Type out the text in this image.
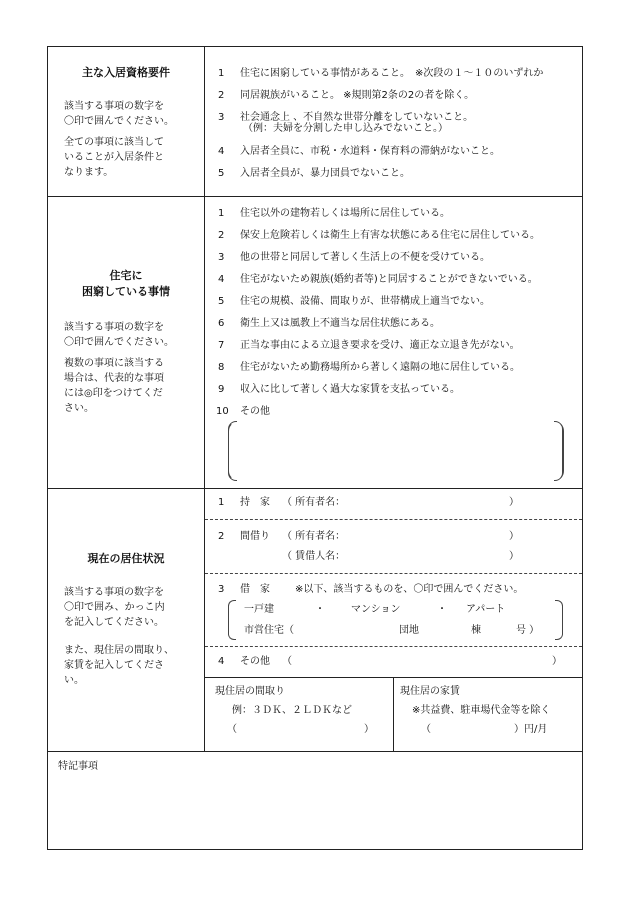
主な入居資格要件
該当する事項の数字を
〇印で囲んでください。
全ての事項に該当して
いることが入居条件と
なります。
1	住宅に困窮している事情があること。　※次段の１～１０のいずれか
2	同居親族がいること。 ※規則第2条の2の者を除く。
3	社会通念上 、不自然な世帯分離をしていないこと。
（例：夫婦を分割した申し込みでないこと。）
4	入居者全員に、市税・水道料・保育料の滞納がないこと。
5	入居者全員が、暴力団員でないこと。
住宅に
困窮している事情
該当する事項の数字を
〇印で囲んでください。
複数の事項に該当する
場合は、代表的な事項
には◎印をつけてくだ
さい。
1	住宅以外の建物若しくは場所に居住している。
2	保安上危険若しくは衛生上有害な状態にある住宅に居住している。
3	他の世帯と同居して著しく生活上の不便を受けている。
4	住宅がないため親族(婚約者等)と同居することができないでいる。
5	住宅の規模、設備、間取りが、世帯構成上適当でない。
6	衛生上又は風教上不適当な居住状態にある。
7	正当な事由による立退き要求を受け、適正な立退き先がない。
8	住宅がないため勤務場所から著しく遠隔の地に居住している。
9	収入に比して著しく過大な家賃を支払っている。
10 その他
現在の居住状況
該当する事項の数字を
〇印で囲み、かっこ内
を記入してください。
また、現住居の間取り、
家賃を記入してくださ
い。
1	持　家 （ 所有者名：	）
2	間借り （ 所有者名：	）
（ 賃借人名：	）
3	借　家	※以下、該当するものを、〇印で囲んでください。
一戸建	・	マンション	・ アパート
市営住宅（	団地	棟	号 ）
4	その他 （	）
現住居の間取り
例：３ＤＫ、２ＬＤＫなど
（	）
現住居の家賃
※共益費、駐車場代金等を除く
（	）円/月
特記事項
